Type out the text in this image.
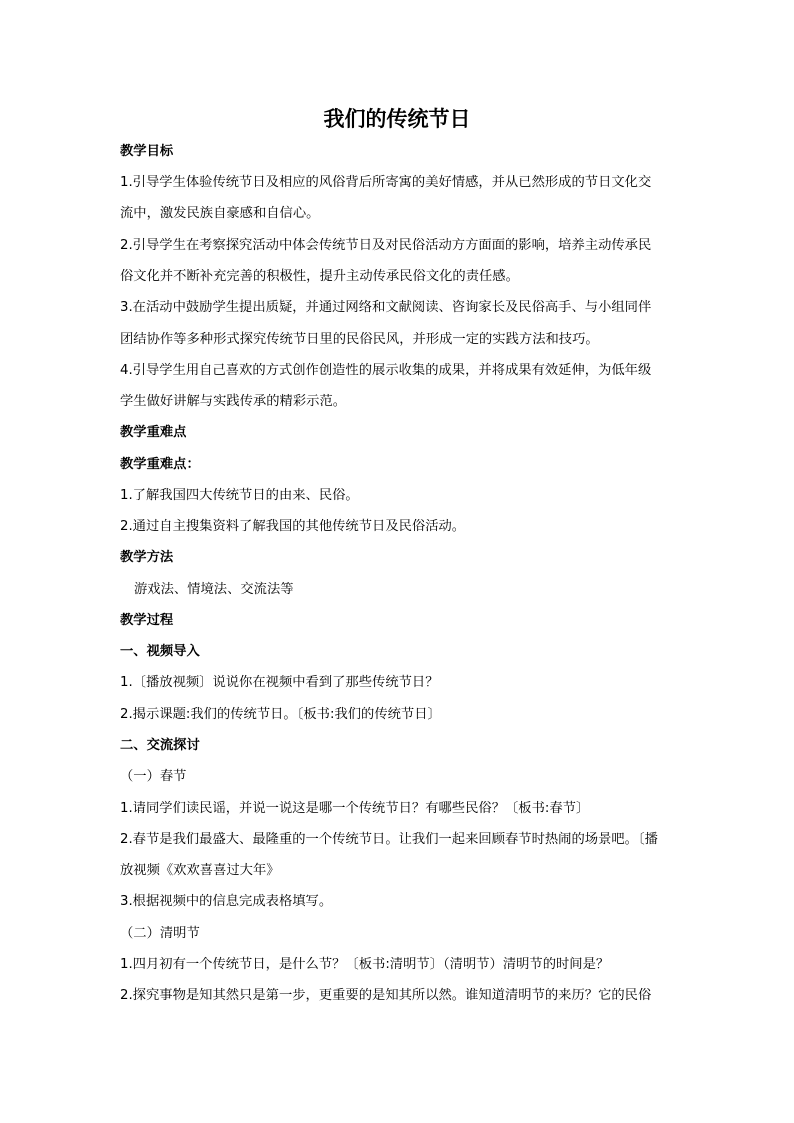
我们的传统节日
教学目标
1.引导学生体验传统节日及相应的风俗背后所寄寓的美好情感，并从已然形成的节日文化交
流中，激发民族自豪感和自信心。
2.引导学生在考察探究活动中体会传统节日及对民俗活动方方面面的影响，培养主动传承民
俗文化并不断补充完善的积极性，提升主动传承民俗文化的责任感。
3.在活动中鼓励学生提出质疑，并通过网络和文献阅读、咨询家长及民俗高手、与小组同伴
团结协作等多种形式探究传统节日里的民俗民风，并形成一定的实践方法和技巧。
4.引导学生用自己喜欢的方式创作创造性的展示收集的成果，并将成果有效延伸，为低年级
学生做好讲解与实践传承的精彩示范。
教学重难点
教学重难点：
1.了解我国四大传统节日的由来、民俗。
2.通过自主搜集资料了解我国的其他传统节日及民俗活动。
教学方法
游戏法、情境法、交流法等
教学过程
一、视频导入
1.〔播放视频〕说说你在视频中看到了那些传统节日？
2.揭示课题:我们的传统节日。〔板书:我们的传统节日〕
二、交流探讨
（一）春节
1.请同学们读民谣，并说一说这是哪一个传统节日？有哪些民俗？〔板书:春节〕
2.春节是我们最盛大、最隆重的一个传统节日。让我们一起来回顾春节时热闹的场景吧。〔播
放视频《欢欢喜喜过大年》
3.根据视频中的信息完成表格填写。
（二）清明节
1.四月初有一个传统节日，是什么节？〔板书:清明节〕（清明节）清明节的时间是？
2.探究事物是知其然只是第一步，更重要的是知其所以然。谁知道清明节的来历？它的民俗
